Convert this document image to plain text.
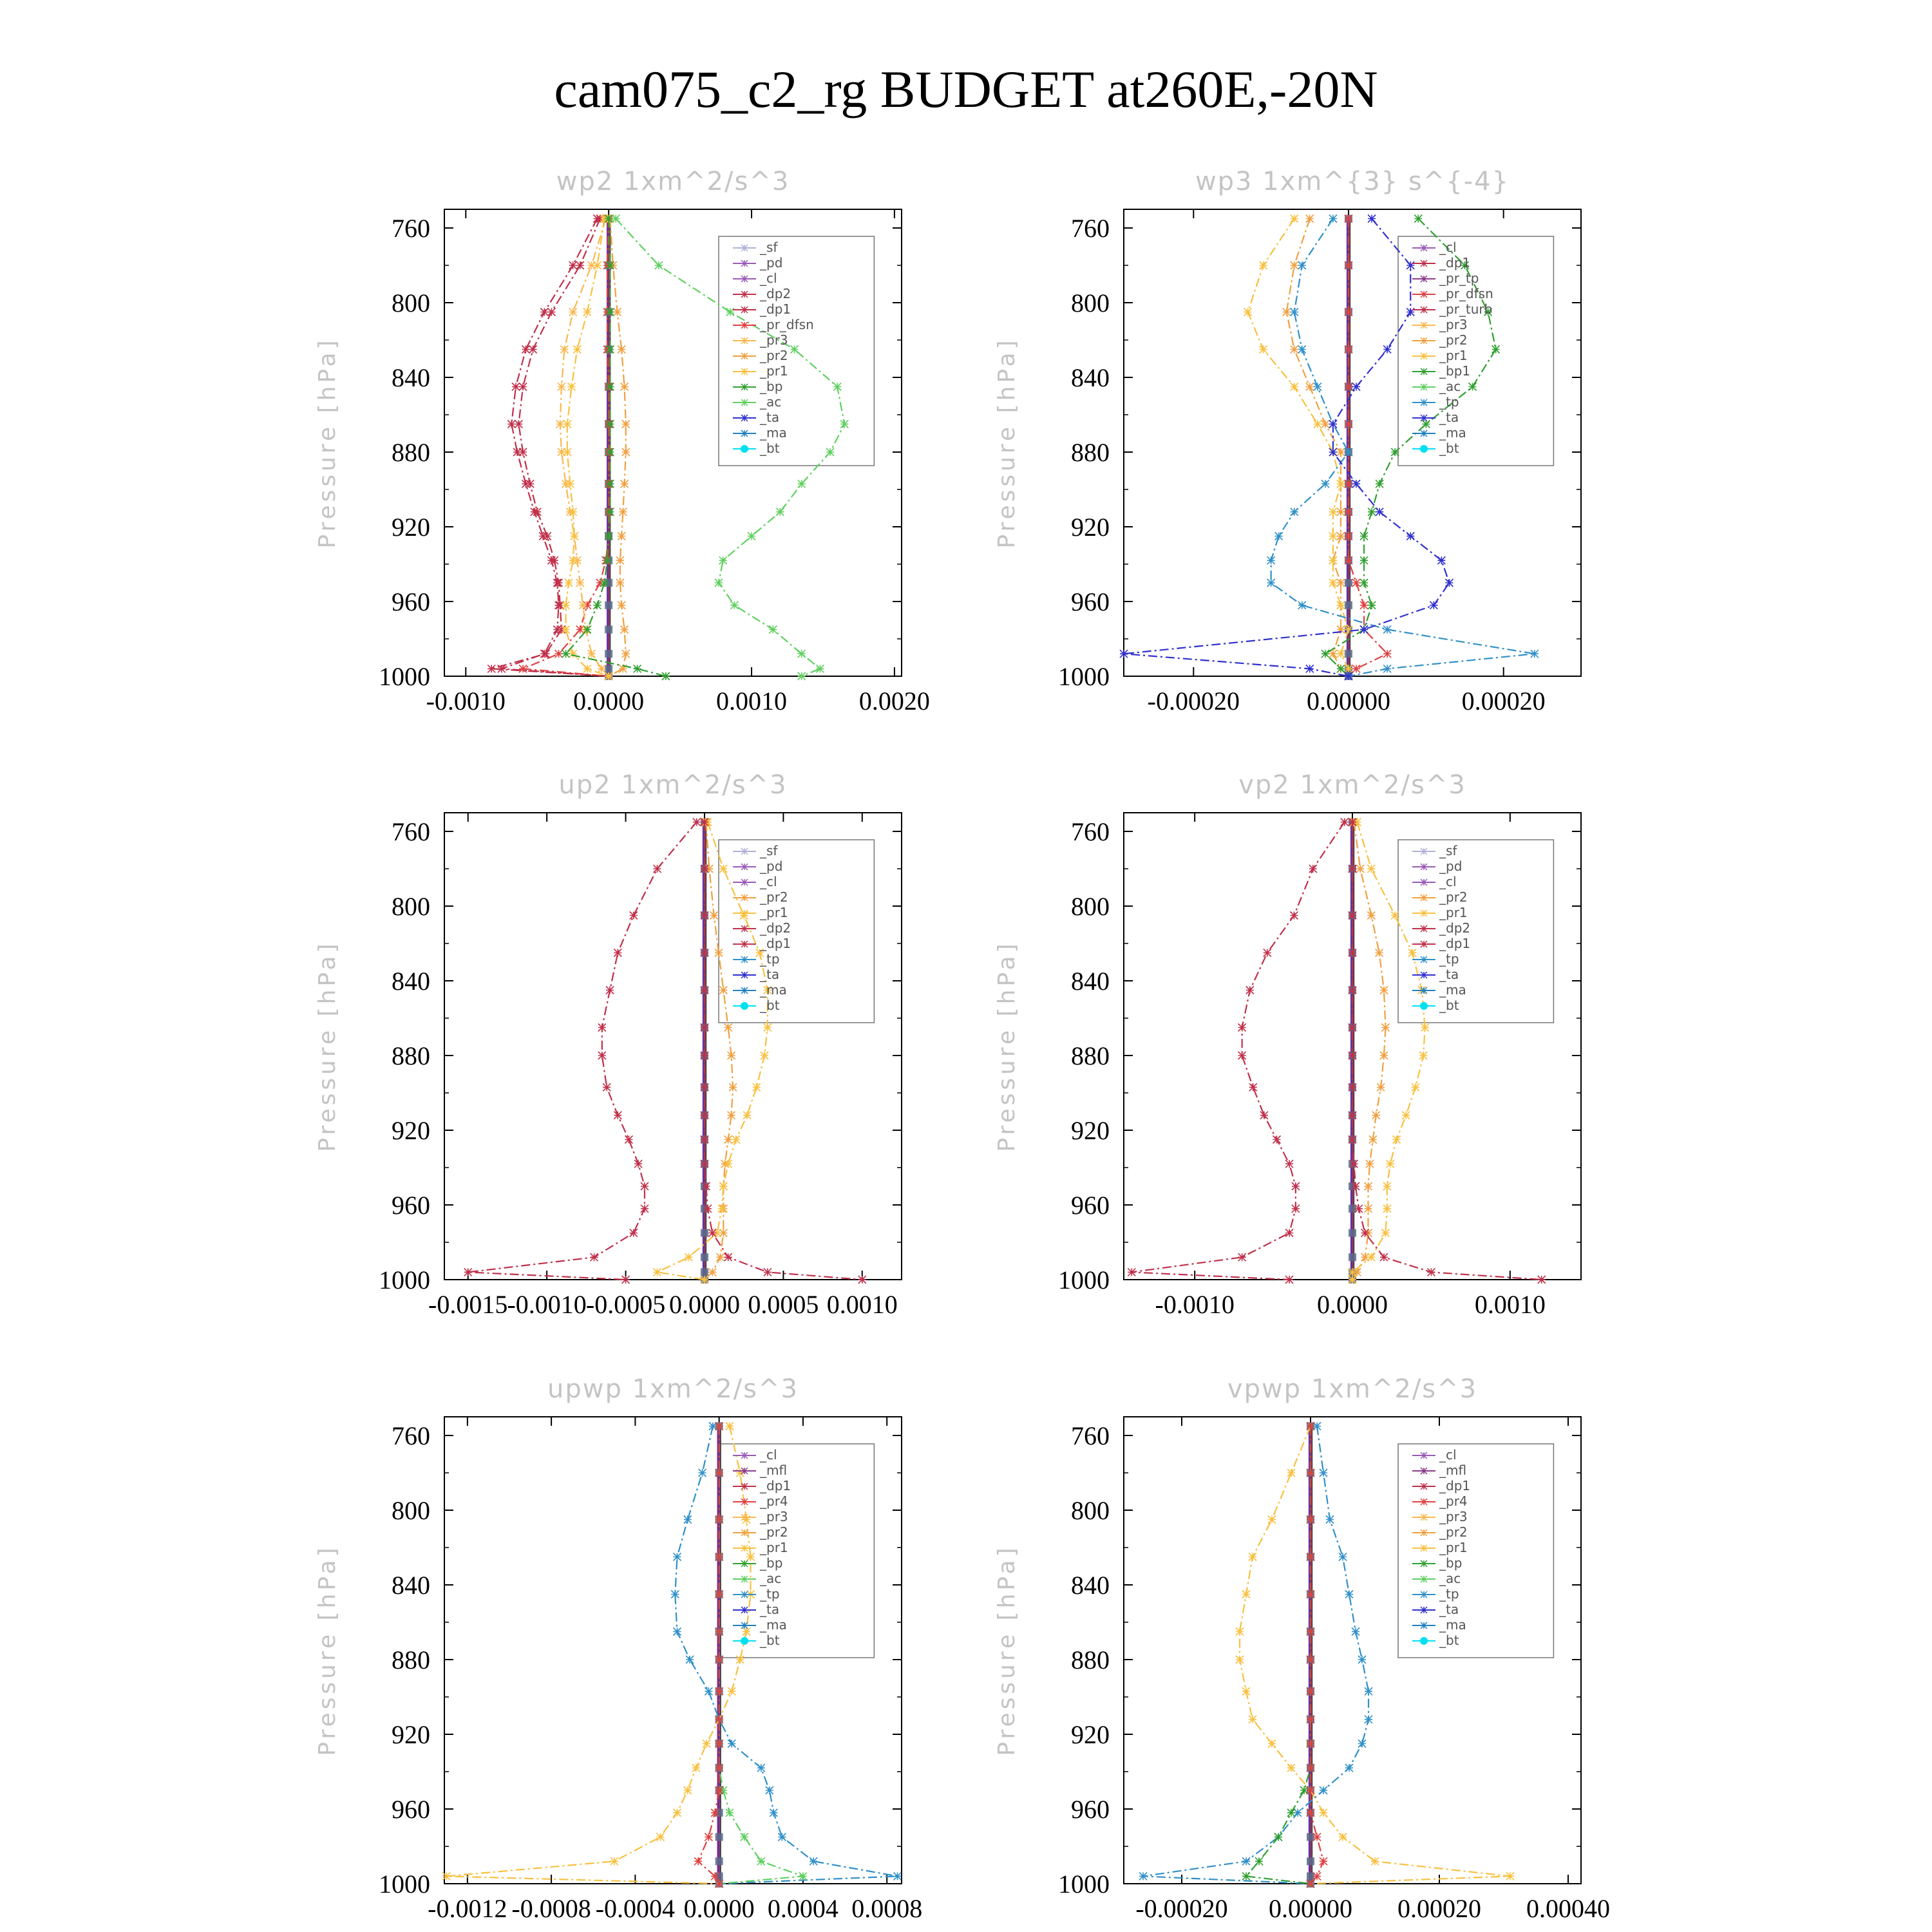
cam075_c2_rg BUDGET at260E,-20N
wp2 1xm^2/s^3
Pressure [hPa]
760
800
840
880
920
960
1000
-0.0010	0.0000	0.0010	0.0020
_sf
_pd
_cl
_dp2
_dp1
_pr_dfsn
_pr3
_pr2
_pr1
_bp
_ac
_ta
_ma
_bt
wp3 1xm^{3} s^{-4}
Pressure [hPa]
760
800
840
880
920
960
1000
-0.00020	0.00000	0.00020
_cl
_dp1
_pr_tp
_pr_dfsn
_pr_turb
_pr3
_pr2
_pr1
_bp1
_ac
_tp
_ta
_ma
_bt
up2 1xm^2/s^3
Pressure [hPa]
760
800
840
880
920
960
1000
-0.0015 -0.0010 -0.0005 0.0000 0.0005 0.0010
_sf
_pd
_cl
_pr2
_pr1
_dp2
_dp1
_tp
_ta
_ma
_bt
vp2 1xm^2/s^3
Pressure [hPa]
760
800
840
880
920
960
1000
-0.0010	0.0000	0.0010
_sf
_pd
_cl
_pr2
_pr1
_dp2
_dp1
_tp
_ta
_ma
_bt
upwp 1xm^2/s^3
Pressure [hPa]
760
800
840
880
920
960
1000
-0.0012 -0.0008 -0.0004 0.0000 0.0004 0.0008
_cl
_mfl
_dp1
_pr4
_pr3
_pr2
_pr1
_bp
_ac
_tp
_ta
_ma
_bt
vpwp 1xm^2/s^3
Pressure [hPa]
760
800
840
880
920
960
1000
-0.00020 0.00000 0.00020 0.00040
_cl
_mfl
_dp1
_pr4
_pr3
_pr2
_pr1
_bp
_ac
_tp
_ta
_ma
_bt
